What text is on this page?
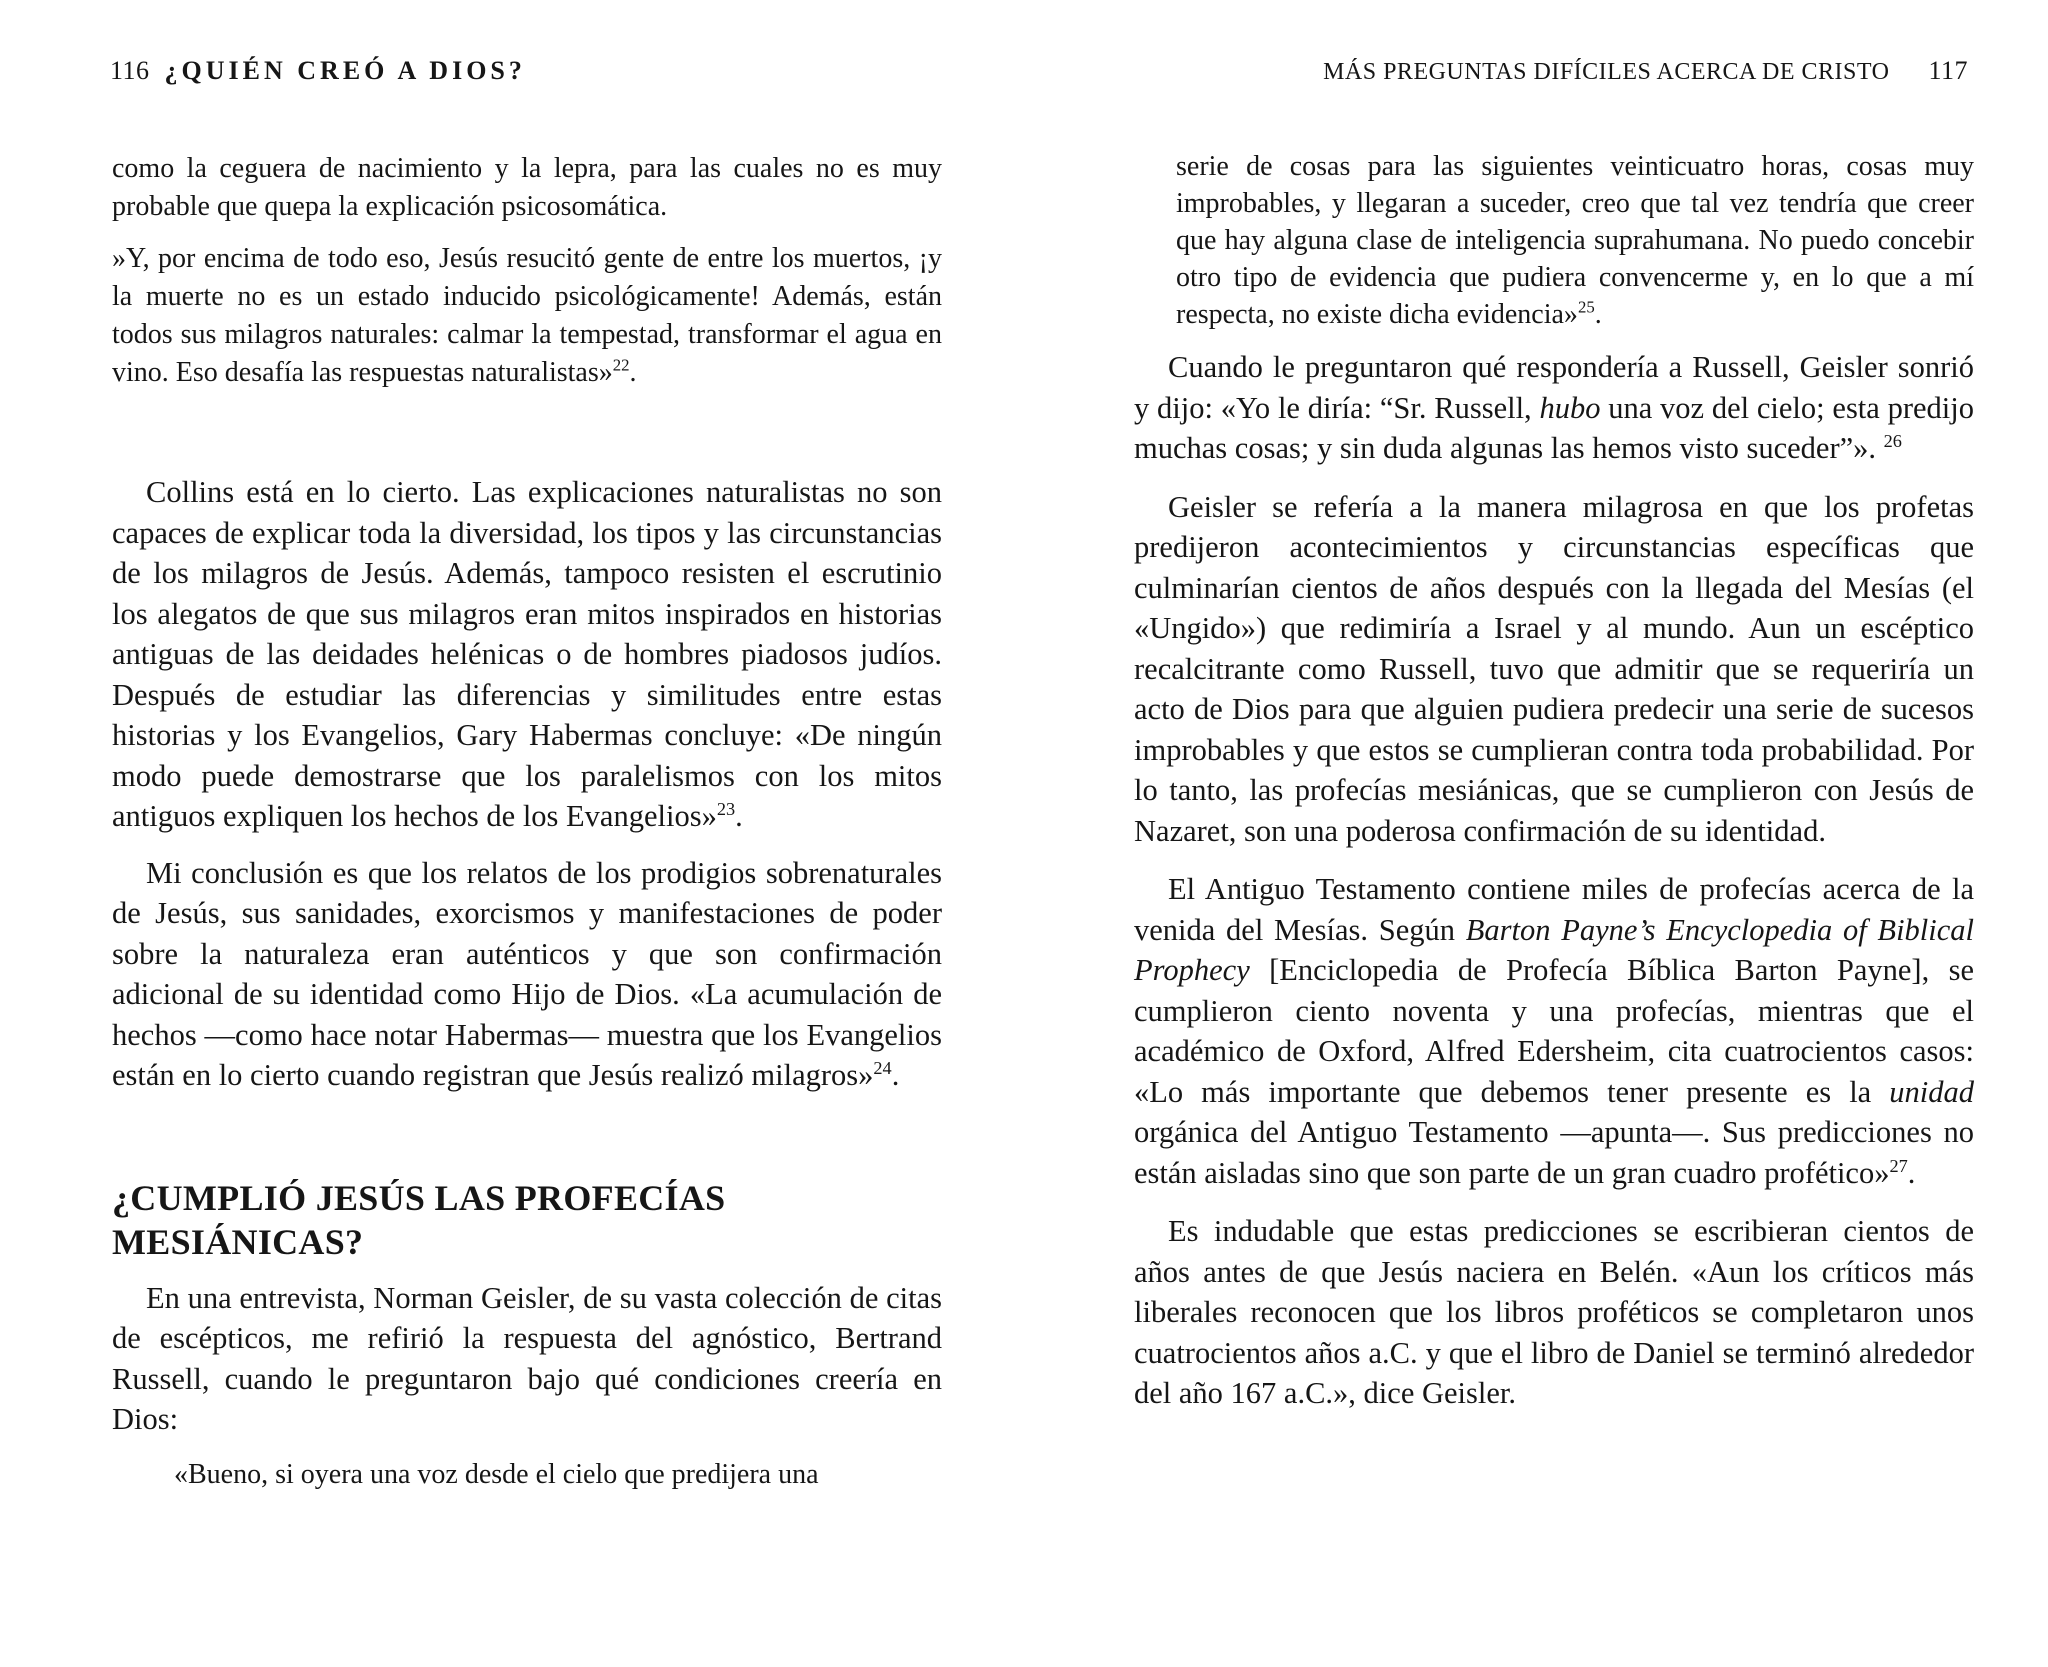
116 ¿QUIÉN CREÓ A DIOS?

como la ceguera de nacimiento y la lepra, para las cuales no es muy probable que quepa la explicación psicosomática.

»Y, por encima de todo eso, Jesús resucitó gente de entre los muertos, ¡y la muerte no es un estado inducido psicológicamente! Además, están todos sus milagros naturales: calmar la tempestad, transformar el agua en vino. Eso desafía las respuestas naturalistas»$^{22}$.

Collins está en lo cierto. Las explicaciones naturalistas no son capaces de explicar toda la diversidad, los tipos y las circunstancias de los milagros de Jesús. Además, tampoco resisten el escrutinio los alegatos de que sus milagros eran mitos inspirados en historias antiguas de las deidades helénicas o de hombres piadosos judíos. Después de estudiar las diferencias y similitudes entre estas historias y los Evangelios, Gary Habermas concluye: «De ningún modo puede demostrarse que los paralelismos con los mitos antiguos expliquen los hechos de los Evangelios»$^{23}$.

Mi conclusión es que los relatos de los prodigios sobrenaturales de Jesús, sus sanidades, exorcismos y manifestaciones de poder sobre la naturaleza eran auténticos y que son confirmación adicional de su identidad como Hijo de Dios. «La acumulación de hechos —como hace notar Habermas— muestra que los Evangelios están en lo cierto cuando registran que Jesús realizó milagros»$^{24}$.

¿CUMPLIÓ JESÚS LAS PROFECÍAS MESIÁNICAS?

En una entrevista, Norman Geisler, de su vasta colección de citas de escépticos, me refirió la respuesta del agnóstico, Bertrand Russell, cuando le preguntaron bajo qué condiciones creería en Dios:

«Bueno, si oyera una voz desde el cielo que predijera una
MÁS PREGUNTAS DIFÍCILES ACERCA DE CRISTO 117

serie de cosas para las siguientes veinticuatro horas, cosas muy improbables, y llegaran a suceder, creo que tal vez tendría que creer que hay alguna clase de inteligencia suprahumana. No puedo concebir otro tipo de evidencia que pudiera convencerme y, en lo que a mí respecta, no existe dicha evidencia»$^{25}$.

Cuando le preguntaron qué respondería a Russell, Geisler sonrió y dijo: «Yo le diría: “Sr. Russell, hubo una voz del cielo; esta predijo muchas cosas; y sin duda algunas las hemos visto suceder”». $^{26}$

Geisler se refería a la manera milagrosa en que los profetas predijeron acontecimientos y circunstancias específicas que culminarían cientos de años después con la llegada del Mesías (el «Ungido») que redimiría a Israel y al mundo. Aun un escéptico recalcitrante como Russell, tuvo que admitir que se requeriría un acto de Dios para que alguien pudiera predecir una serie de sucesos improbables y que estos se cumplieran contra toda probabilidad. Por lo tanto, las profecías mesiánicas, que se cumplieron con Jesús de Nazaret, son una poderosa confirmación de su identidad.

El Antiguo Testamento contiene miles de profecías acerca de la venida del Mesías. Según Barton Payne’s Encyclopedia of Biblical Prophecy [Enciclopedia de Profecía Bíblica Barton Payne], se cumplieron ciento noventa y una profecías, mientras que el académico de Oxford, Alfred Edersheim, cita cuatrocientos casos: «Lo más importante que debemos tener presente es la unidad orgánica del Antiguo Testamento —apunta—. Sus predicciones no están aisladas sino que son parte de un gran cuadro profético»$^{27}$.

Es indudable que estas predicciones se escribieran cientos de años antes de que Jesús naciera en Belén. «Aun los críticos más liberales reconocen que los libros proféticos se completaron unos cuatrocientos años a.C. y que el libro de Daniel se terminó alrededor del año 167 a.C.», dice Geisler.
